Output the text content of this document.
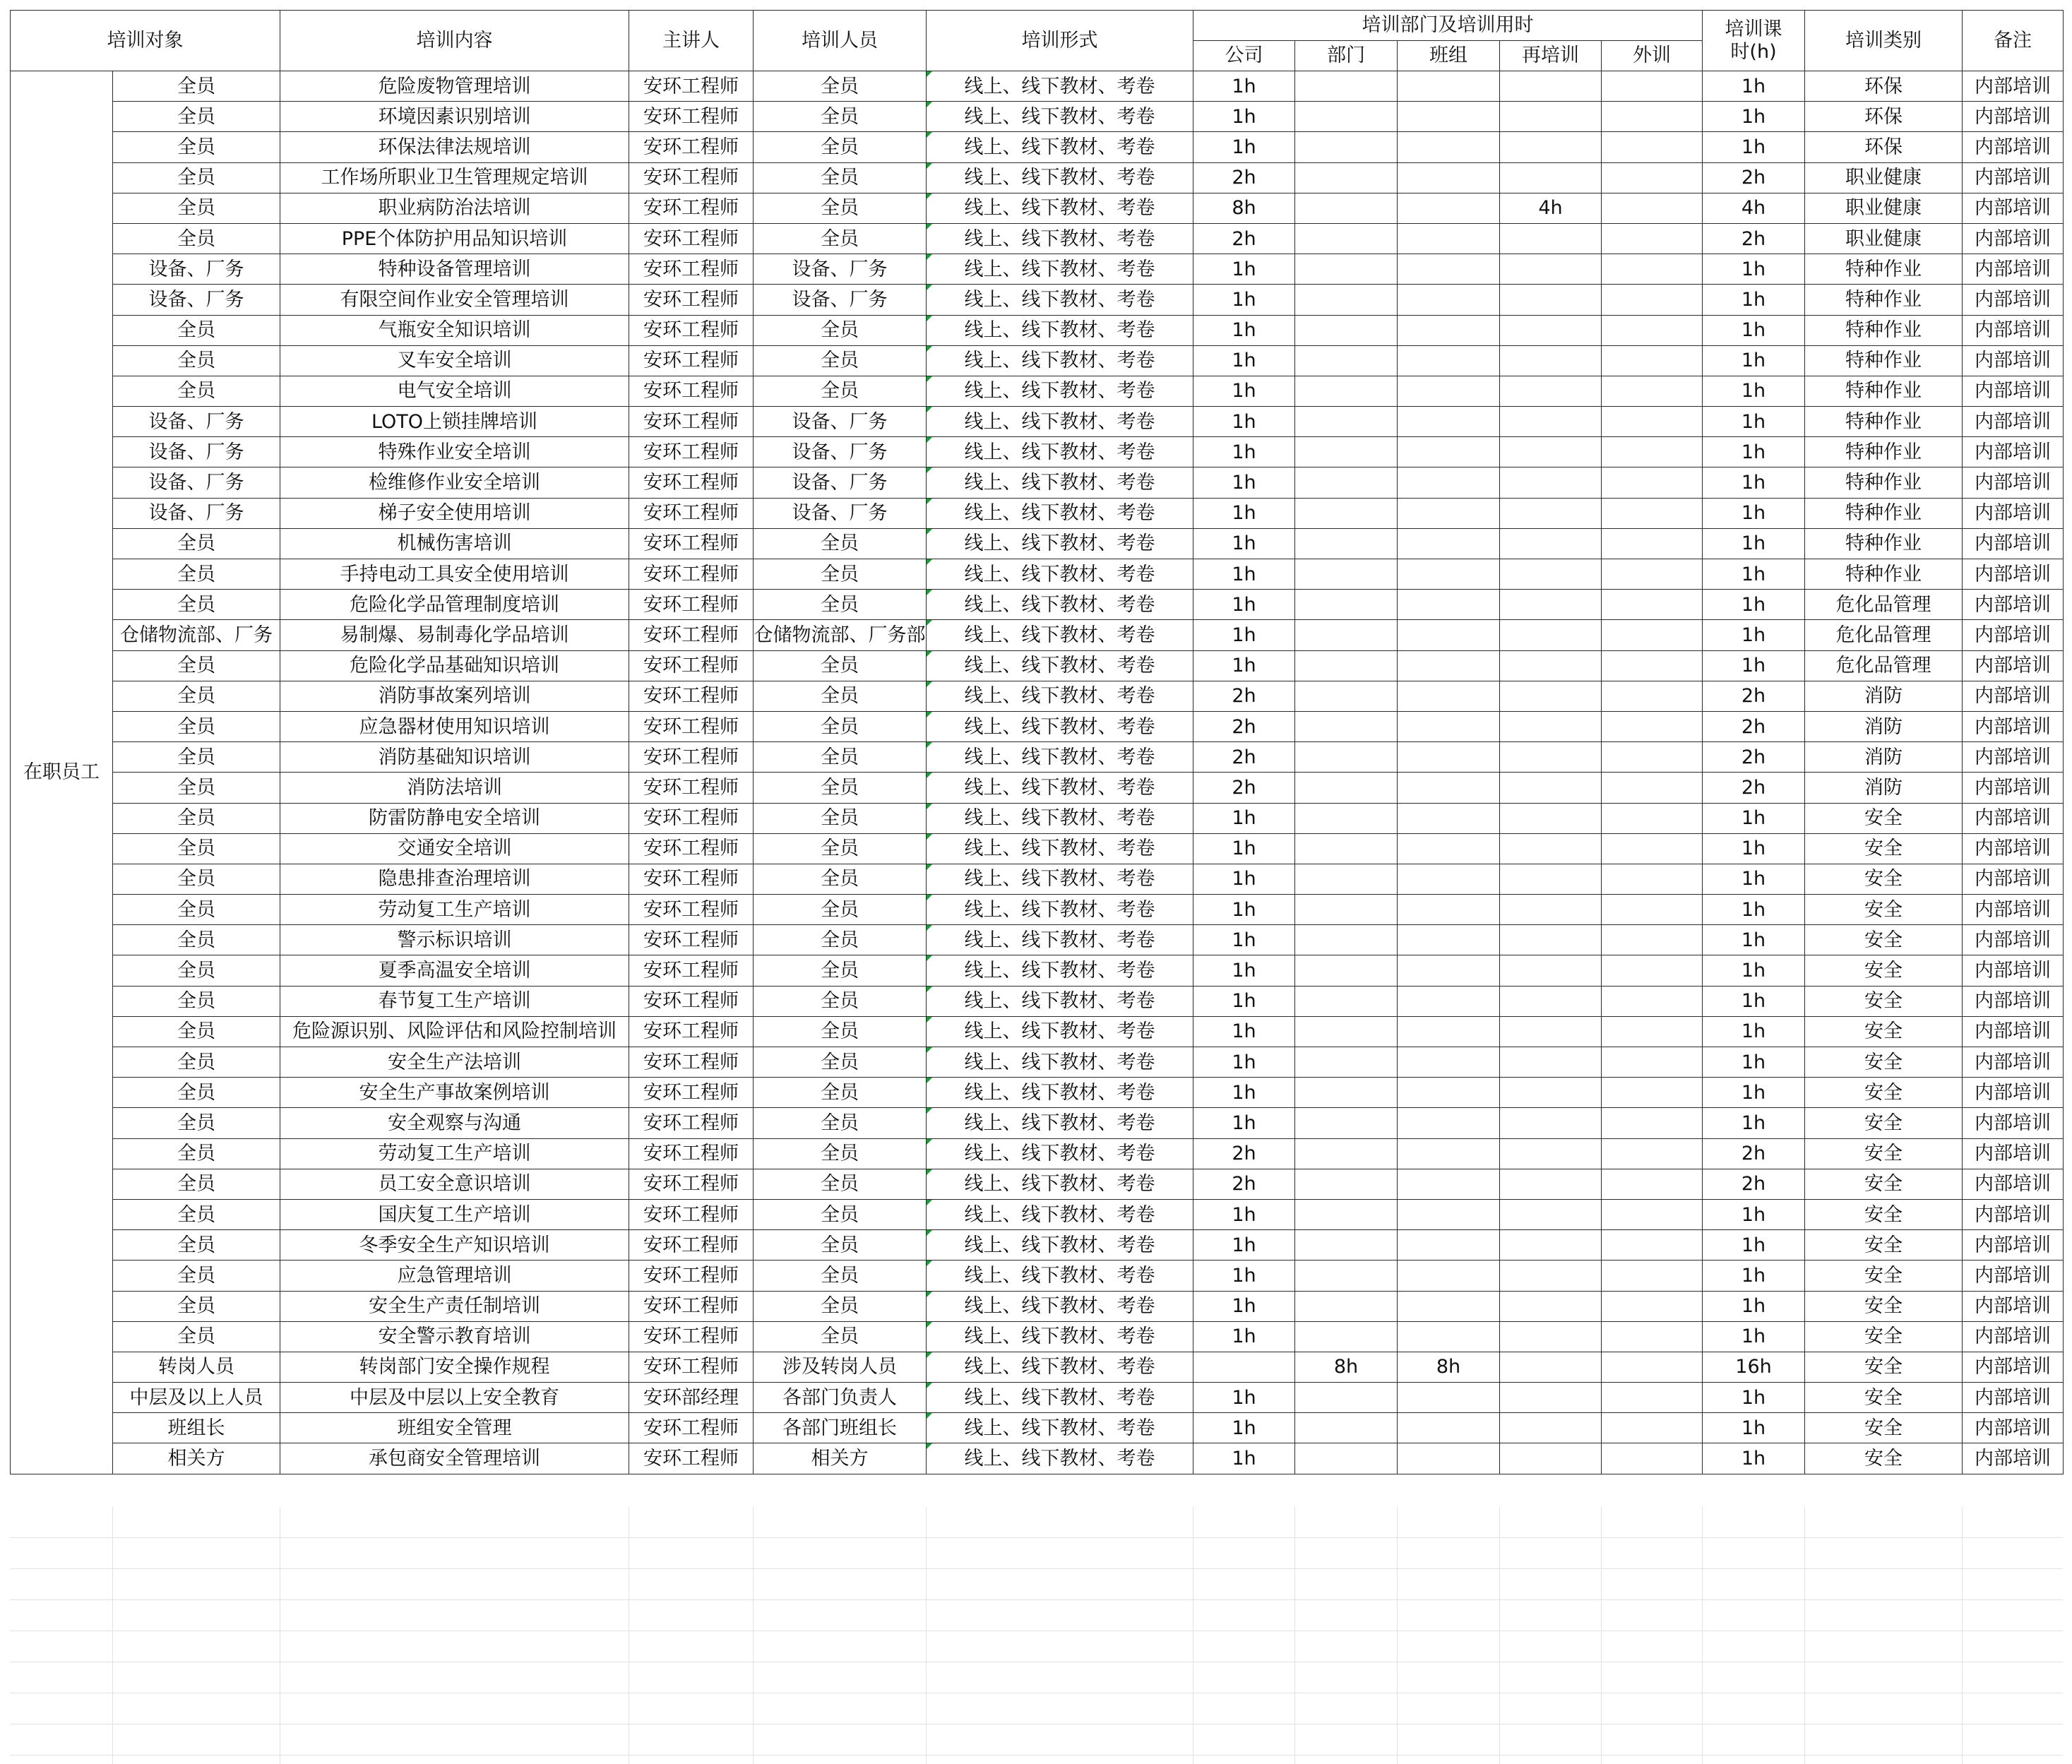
培训对象		培训内容	主讲人	培训人员	培训形式	培训部门及培训用时					培训课时(h)	培训类别	备注
						公司	部门	班组	再培训	外训			
在职员工	全员	危险废物管理培训	安环工程师	全员	线上、线下教材、考卷	1h					1h	环保	内部培训
	全员	环境因素识别培训	安环工程师	全员	线上、线下教材、考卷	1h					1h	环保	内部培训
	全员	环保法律法规培训	安环工程师	全员	线上、线下教材、考卷	1h					1h	环保	内部培训
	全员	工作场所职业卫生管理规定培训	安环工程师	全员	线上、线下教材、考卷	2h					2h	职业健康	内部培训
	全员	职业病防治法培训	安环工程师	全员	线上、线下教材、考卷	8h			4h		4h	职业健康	内部培训
	全员	PPE个体防护用品知识培训	安环工程师	全员	线上、线下教材、考卷	2h					2h	职业健康	内部培训
	设备、厂务	特种设备管理培训	安环工程师	设备、厂务	线上、线下教材、考卷	1h					1h	特种作业	内部培训
	设备、厂务	有限空间作业安全管理培训	安环工程师	设备、厂务	线上、线下教材、考卷	1h					1h	特种作业	内部培训
	全员	气瓶安全知识培训	安环工程师	全员	线上、线下教材、考卷	1h					1h	特种作业	内部培训
	全员	叉车安全培训	安环工程师	全员	线上、线下教材、考卷	1h					1h	特种作业	内部培训
	全员	电气安全培训	安环工程师	全员	线上、线下教材、考卷	1h					1h	特种作业	内部培训
	设备、厂务	LOTO上锁挂牌培训	安环工程师	设备、厂务	线上、线下教材、考卷	1h					1h	特种作业	内部培训
	设备、厂务	特殊作业安全培训	安环工程师	设备、厂务	线上、线下教材、考卷	1h					1h	特种作业	内部培训
	设备、厂务	检维修作业安全培训	安环工程师	设备、厂务	线上、线下教材、考卷	1h					1h	特种作业	内部培训
	设备、厂务	梯子安全使用培训	安环工程师	设备、厂务	线上、线下教材、考卷	1h					1h	特种作业	内部培训
	全员	机械伤害培训	安环工程师	全员	线上、线下教材、考卷	1h					1h	特种作业	内部培训
	全员	手持电动工具安全使用培训	安环工程师	全员	线上、线下教材、考卷	1h					1h	特种作业	内部培训
	全员	危险化学品管理制度培训	安环工程师	全员	线上、线下教材、考卷	1h					1h	危化品管理	内部培训
	仓储物流部、厂务	易制爆、易制毒化学品培训	安环工程师	仓储物流部、厂务部	线上、线下教材、考卷	1h					1h	危化品管理	内部培训
	全员	危险化学品基础知识培训	安环工程师	全员	线上、线下教材、考卷	1h					1h	危化品管理	内部培训
	全员	消防事故案列培训	安环工程师	全员	线上、线下教材、考卷	2h					2h	消防	内部培训
	全员	应急器材使用知识培训	安环工程师	全员	线上、线下教材、考卷	2h					2h	消防	内部培训
	全员	消防基础知识培训	安环工程师	全员	线上、线下教材、考卷	2h					2h	消防	内部培训
	全员	消防法培训	安环工程师	全员	线上、线下教材、考卷	2h					2h	消防	内部培训
	全员	防雷防静电安全培训	安环工程师	全员	线上、线下教材、考卷	1h					1h	安全	内部培训
	全员	交通安全培训	安环工程师	全员	线上、线下教材、考卷	1h					1h	安全	内部培训
	全员	隐患排查治理培训	安环工程师	全员	线上、线下教材、考卷	1h					1h	安全	内部培训
	全员	劳动复工生产培训	安环工程师	全员	线上、线下教材、考卷	1h					1h	安全	内部培训
	全员	警示标识培训	安环工程师	全员	线上、线下教材、考卷	1h					1h	安全	内部培训
	全员	夏季高温安全培训	安环工程师	全员	线上、线下教材、考卷	1h					1h	安全	内部培训
	全员	春节复工生产培训	安环工程师	全员	线上、线下教材、考卷	1h					1h	安全	内部培训
	全员	危险源识别、风险评估和风险控制培训	安环工程师	全员	线上、线下教材、考卷	1h					1h	安全	内部培训
	全员	安全生产法培训	安环工程师	全员	线上、线下教材、考卷	1h					1h	安全	内部培训
	全员	安全生产事故案例培训	安环工程师	全员	线上、线下教材、考卷	1h					1h	安全	内部培训
	全员	安全观察与沟通	安环工程师	全员	线上、线下教材、考卷	1h					1h	安全	内部培训
	全员	劳动复工生产培训	安环工程师	全员	线上、线下教材、考卷	2h					2h	安全	内部培训
	全员	员工安全意识培训	安环工程师	全员	线上、线下教材、考卷	2h					2h	安全	内部培训
	全员	国庆复工生产培训	安环工程师	全员	线上、线下教材、考卷	1h					1h	安全	内部培训
	全员	冬季安全生产知识培训	安环工程师	全员	线上、线下教材、考卷	1h					1h	安全	内部培训
	全员	应急管理培训	安环工程师	全员	线上、线下教材、考卷	1h					1h	安全	内部培训
	全员	安全生产责任制培训	安环工程师	全员	线上、线下教材、考卷	1h					1h	安全	内部培训
	全员	安全警示教育培训	安环工程师	全员	线上、线下教材、考卷	1h					1h	安全	内部培训
	转岗人员	转岗部门安全操作规程	安环工程师	涉及转岗人员	线上、线下教材、考卷		8h	8h			16h	安全	内部培训
	中层及以上人员	中层及中层以上安全教育	安环部经理	各部门负责人	线上、线下教材、考卷	1h					1h	安全	内部培训
	班组长	班组安全管理	安环工程师	各部门班组长	线上、线下教材、考卷	1h					1h	安全	内部培训
	相关方	承包商安全管理培训	安环工程师	相关方	线上、线下教材、考卷	1h					1h	安全	内部培训
